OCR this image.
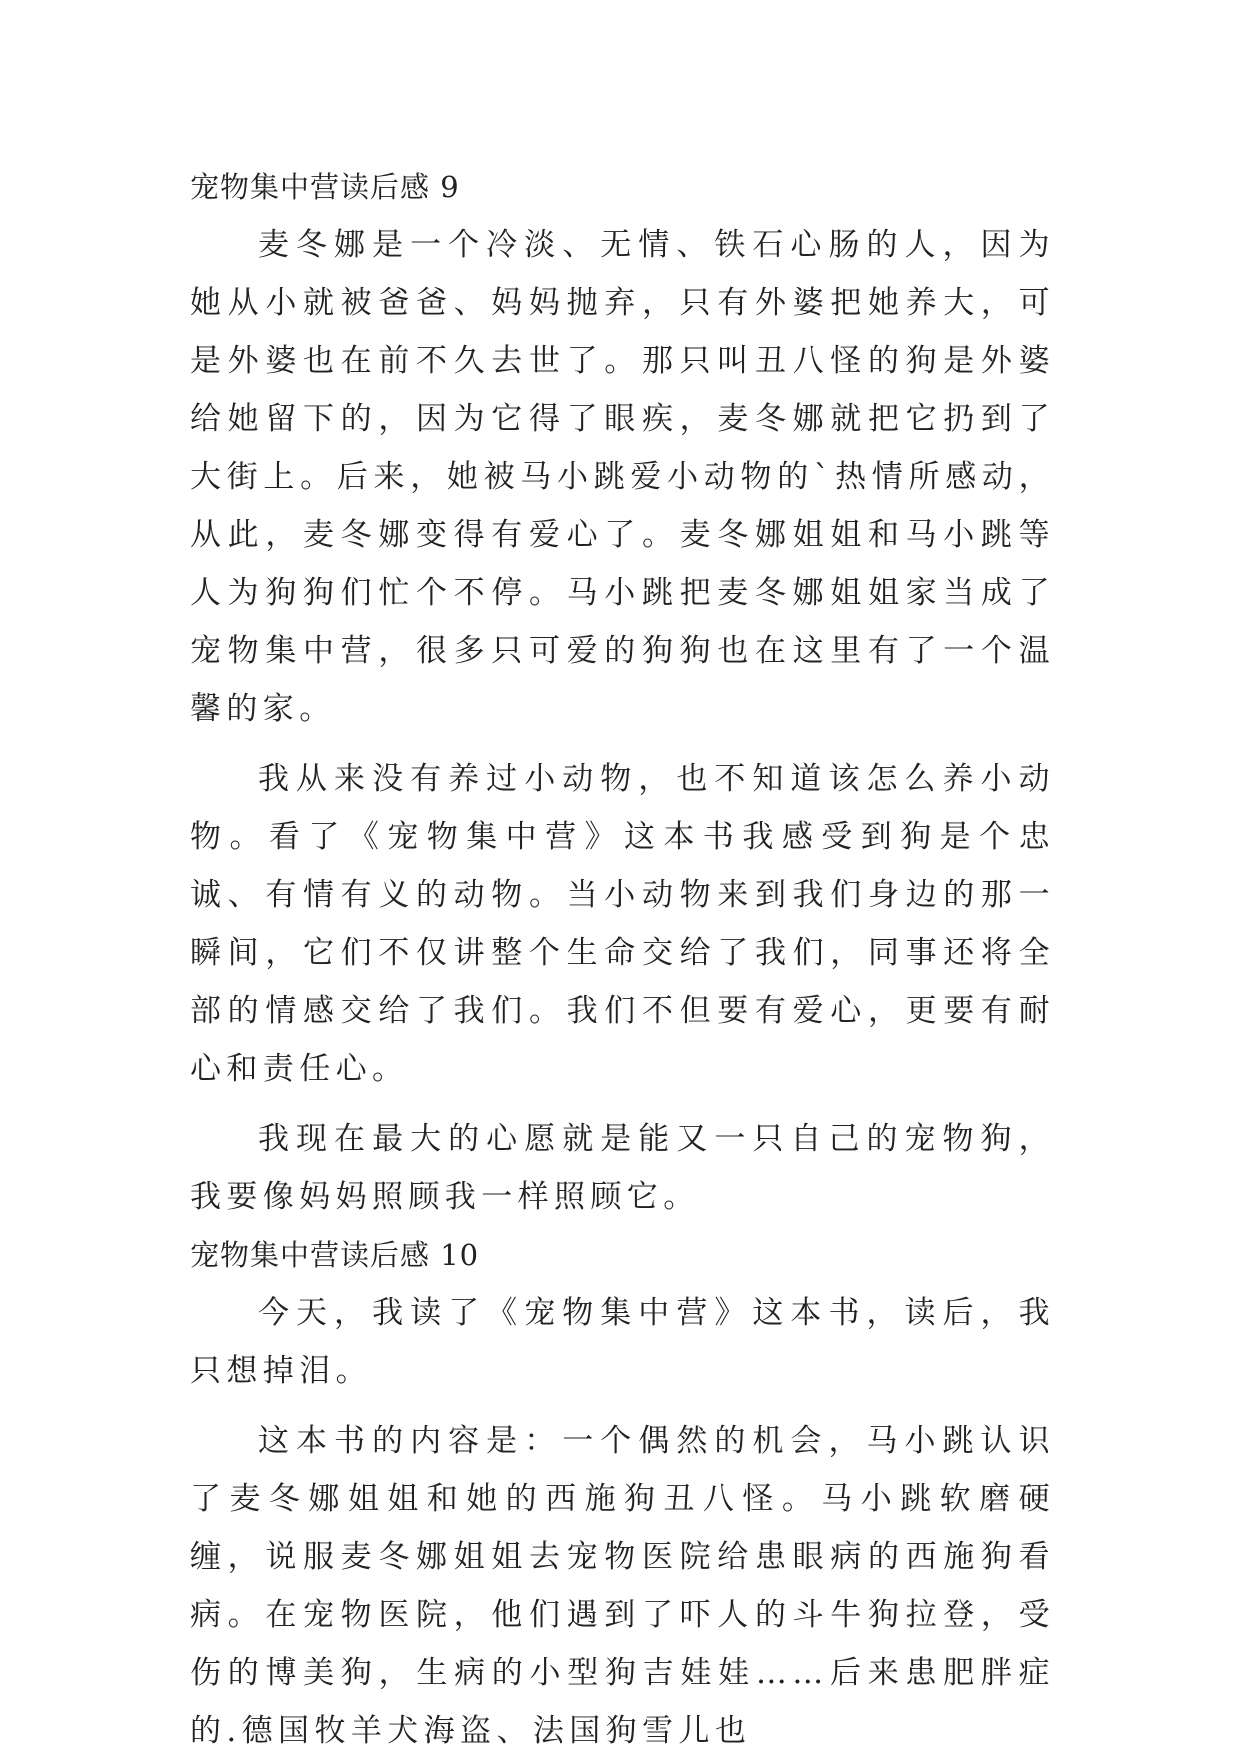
宠物集中营读后感 9

麦冬娜是一个冷淡、无情、铁石心肠的人，因为她从小就被爸爸、妈妈抛弃，只有外婆把她养大，可是外婆也在前不久去世了。那只叫丑八怪的狗是外婆给她留下的，因为它得了眼疾，麦冬娜就把它扔到了大街上。后来，她被马小跳爱小动物的`热情所感动，从此，麦冬娜变得有爱心了。麦冬娜姐姐和马小跳等人为狗狗们忙个不停。马小跳把麦冬娜姐姐家当成了宠物集中营，很多只可爱的狗狗也在这里有了一个温馨的家。

我从来没有养过小动物，也不知道该怎么养小动物。看了《宠物集中营》这本书我感受到狗是个忠诚、有情有义的动物。当小动物来到我们身边的那一瞬间，它们不仅讲整个生命交给了我们，同事还将全部的情感交给了我们。我们不但要有爱心，更要有耐心和责任心。

我现在最大的心愿就是能又一只自己的宠物狗，我要像妈妈照顾我一样照顾它。

宠物集中营读后感 10

今天，我读了《宠物集中营》这本书，读后，我只想掉泪。

这本书的内容是：一个偶然的机会，马小跳认识了麦冬娜姐姐和她的西施狗丑八怪。马小跳软磨硬缠，说服麦冬娜姐姐去宠物医院给患眼病的西施狗看病。在宠物医院，他们遇到了吓人的斗牛狗拉登，受伤的博美狗，生病的小型狗吉娃娃……后来患肥胖症的.德国牧羊犬海盗、法国狗雪儿也
